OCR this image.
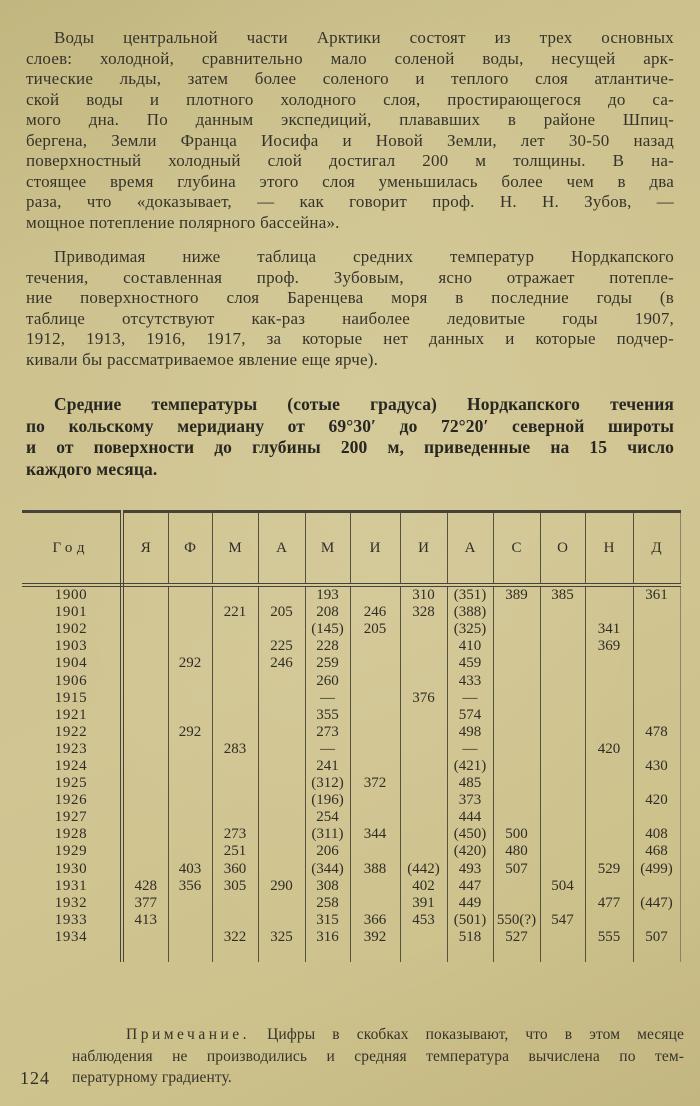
Воды центральной части Арктики состоят из трех основных
слоев: холодной, сравнительно мало соленой воды, несущей арк-
тические льды, затем более соленого и теплого слоя атлантиче-
ской воды и плотного холодного слоя, простирающегося до са-
мого дна. По данным экспедиций, плававших в районе Шпиц-
бергена, Земли Франца Иосифа и Новой Земли, лет 30-50 назад
поверхностный холодный слой достигал 200 м толщины. В на-
стоящее время глубина этого слоя уменьшилась более чем в два
раза, что «доказывает, — как говорит проф. Н. Н. Зубов, —
мощное потепление полярного бассейна».
Приводимая ниже таблица средних температур Нордкапского
течения, составленная проф. Зубовым, ясно отражает потепле-
ние поверхностного слоя Баренцева моря в последние годы (в
таблице отсутствуют как-раз наиболее ледовитые годы 1907,
1912, 1913, 1916, 1917, за которые нет данных и которые подчер-
кивали бы рассматриваемое явление еще ярче).
Средние температуры (сотые градуса) Нордкапского течения
по кольскому меридиану от 69°30′ до 72°20′ северной широты
и от поверхности до глубины 200 м, приведенные на 15 число
каждого месяца.
Год	Я	Ф	М	А	М	И	И	А	С	О	Н	Д
1900					193		310	(351)	389	385		361
1901			221	205	208	246	328	(388)				
1902					(145)	205		(325)			341	
1903				225	228			410			369	
1904		292		246	259			459				
1906					260			433				
1915					—		376	—				
1921					355			574				
1922		292			273			498				478
1923			283		—			—			420	
1924					241			(421)				430
1925					(312)	372		485				
1926					(196)			373				420
1927					254			444				
1928			273		(311)	344		(450)	500			408
1929			251		206			(420)	480			468
1930		403	360		(344)	388	(442)	493	507		529	(499)
1931	428	356	305	290	308		402	447		504		
1932	377				258		391	449			477	(447)
1933	413				315	366	453	(501)	550(?)	547		
1934			322	325	316	392		518	527		555	507

Примечание. Цифры в скобках показывают, что в этом месяце
наблюдения не производились и средняя температура вычислена по тем-
пературному градиенту.
124
